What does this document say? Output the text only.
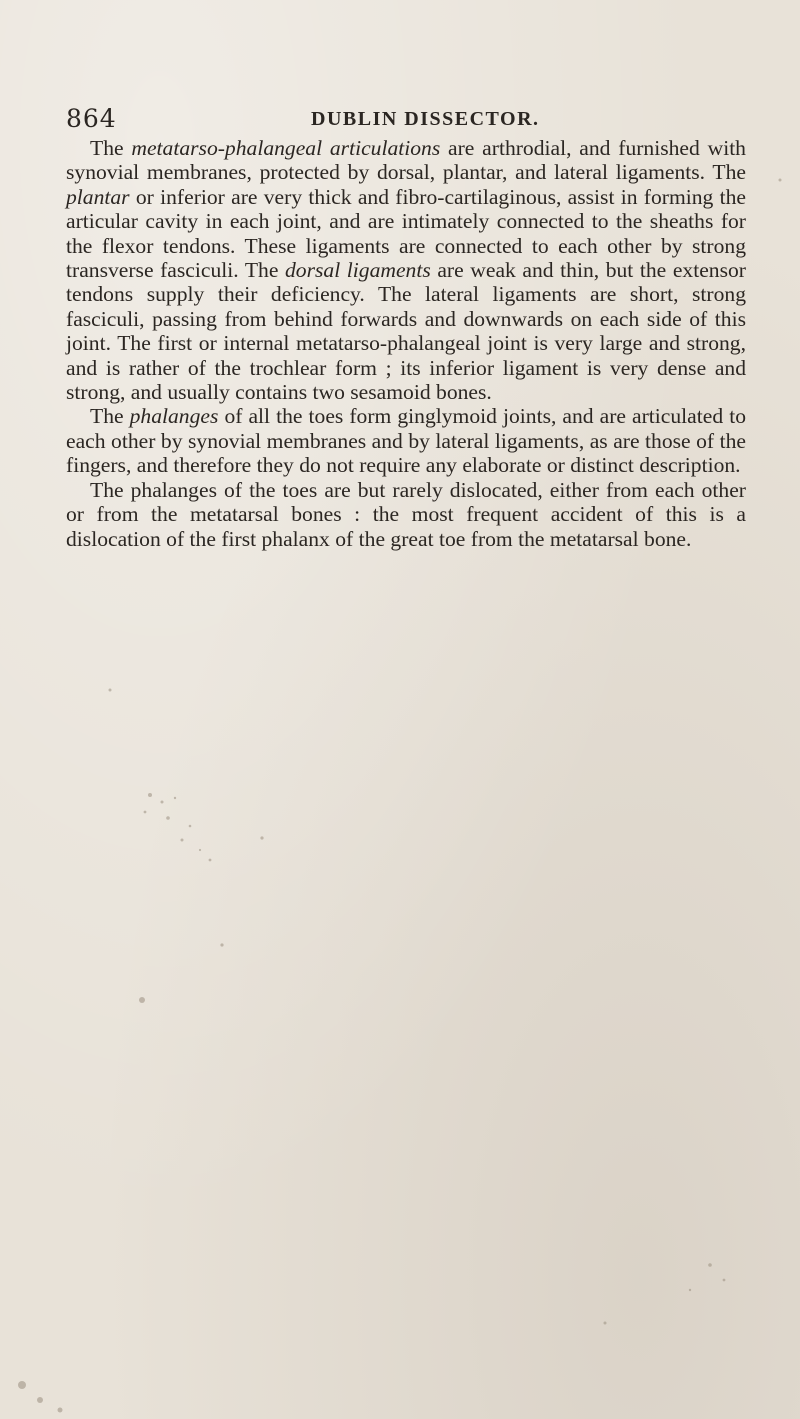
864	DUBLIN DISSECTOR.

The metatarso-phalangeal articulations are arthrodial, and furnished with synovial membranes, protected by dorsal, plantar, and lateral ligaments. The plantar or inferior are very thick and fibro-cartilaginous, assist in forming the articular cavity in each joint, and are intimately connected to the sheaths for the flexor tendons. These ligaments are connected to each other by strong transverse fasciculi. The dorsal ligaments are weak and thin, but the extensor tendons supply their deficiency. The lateral ligaments are short, strong fasciculi, passing from behind forwards and downwards on each side of this joint. The first or internal metatarso-phalangeal joint is very large and strong, and is rather of the trochlear form ; its inferior ligament is very dense and strong, and usually contains two sesamoid bones.

The phalanges of all the toes form ginglymoid joints, and are articulated to each other by synovial membranes and by lateral ligaments, as are those of the fingers, and therefore they do not require any elaborate or distinct description.

The phalanges of the toes are but rarely dislocated, either from each other or from the metatarsal bones : the most frequent accident of this is a dislocation of the first phalanx of the great toe from the metatarsal bone.
